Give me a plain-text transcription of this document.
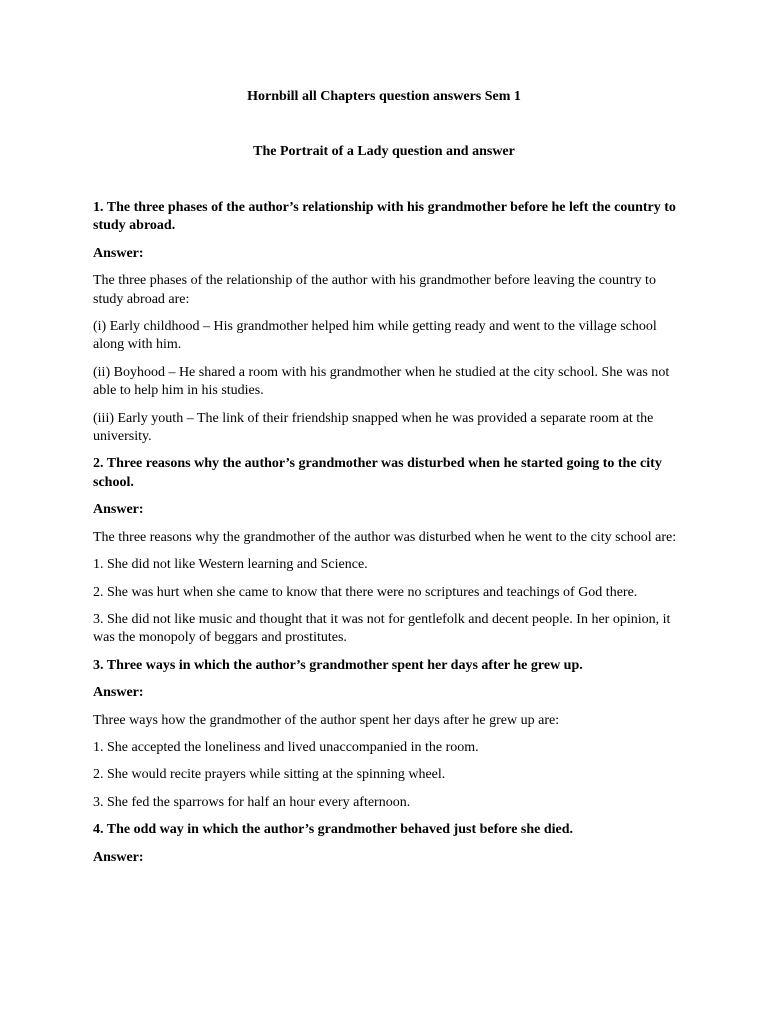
Hornbill all Chapters question answers Sem 1

The Portrait of a Lady question and answer

1. The three phases of the author’s relationship with his grandmother before he left the country to study abroad.

Answer:

The three phases of the relationship of the author with his grandmother before leaving the country to study abroad are:

(i) Early childhood – His grandmother helped him while getting ready and went to the village school along with him.

(ii) Boyhood – He shared a room with his grandmother when he studied at the city school. She was not able to help him in his studies.

(iii) Early youth – The link of their friendship snapped when he was provided a separate room at the university.

2. Three reasons why the author’s grandmother was disturbed when he started going to the city school.

Answer:

The three reasons why the grandmother of the author was disturbed when he went to the city school are:

1. She did not like Western learning and Science.

2. She was hurt when she came to know that there were no scriptures and teachings of God there.

3. She did not like music and thought that it was not for gentlefolk and decent people. In her opinion, it was the monopoly of beggars and prostitutes.

3. Three ways in which the author’s grandmother spent her days after he grew up.

Answer:

Three ways how the grandmother of the author spent her days after he grew up are:

1. She accepted the loneliness and lived unaccompanied in the room.

2. She would recite prayers while sitting at the spinning wheel.

3. She fed the sparrows for half an hour every afternoon.

4. The odd way in which the author’s grandmother behaved just before she died.

Answer:
